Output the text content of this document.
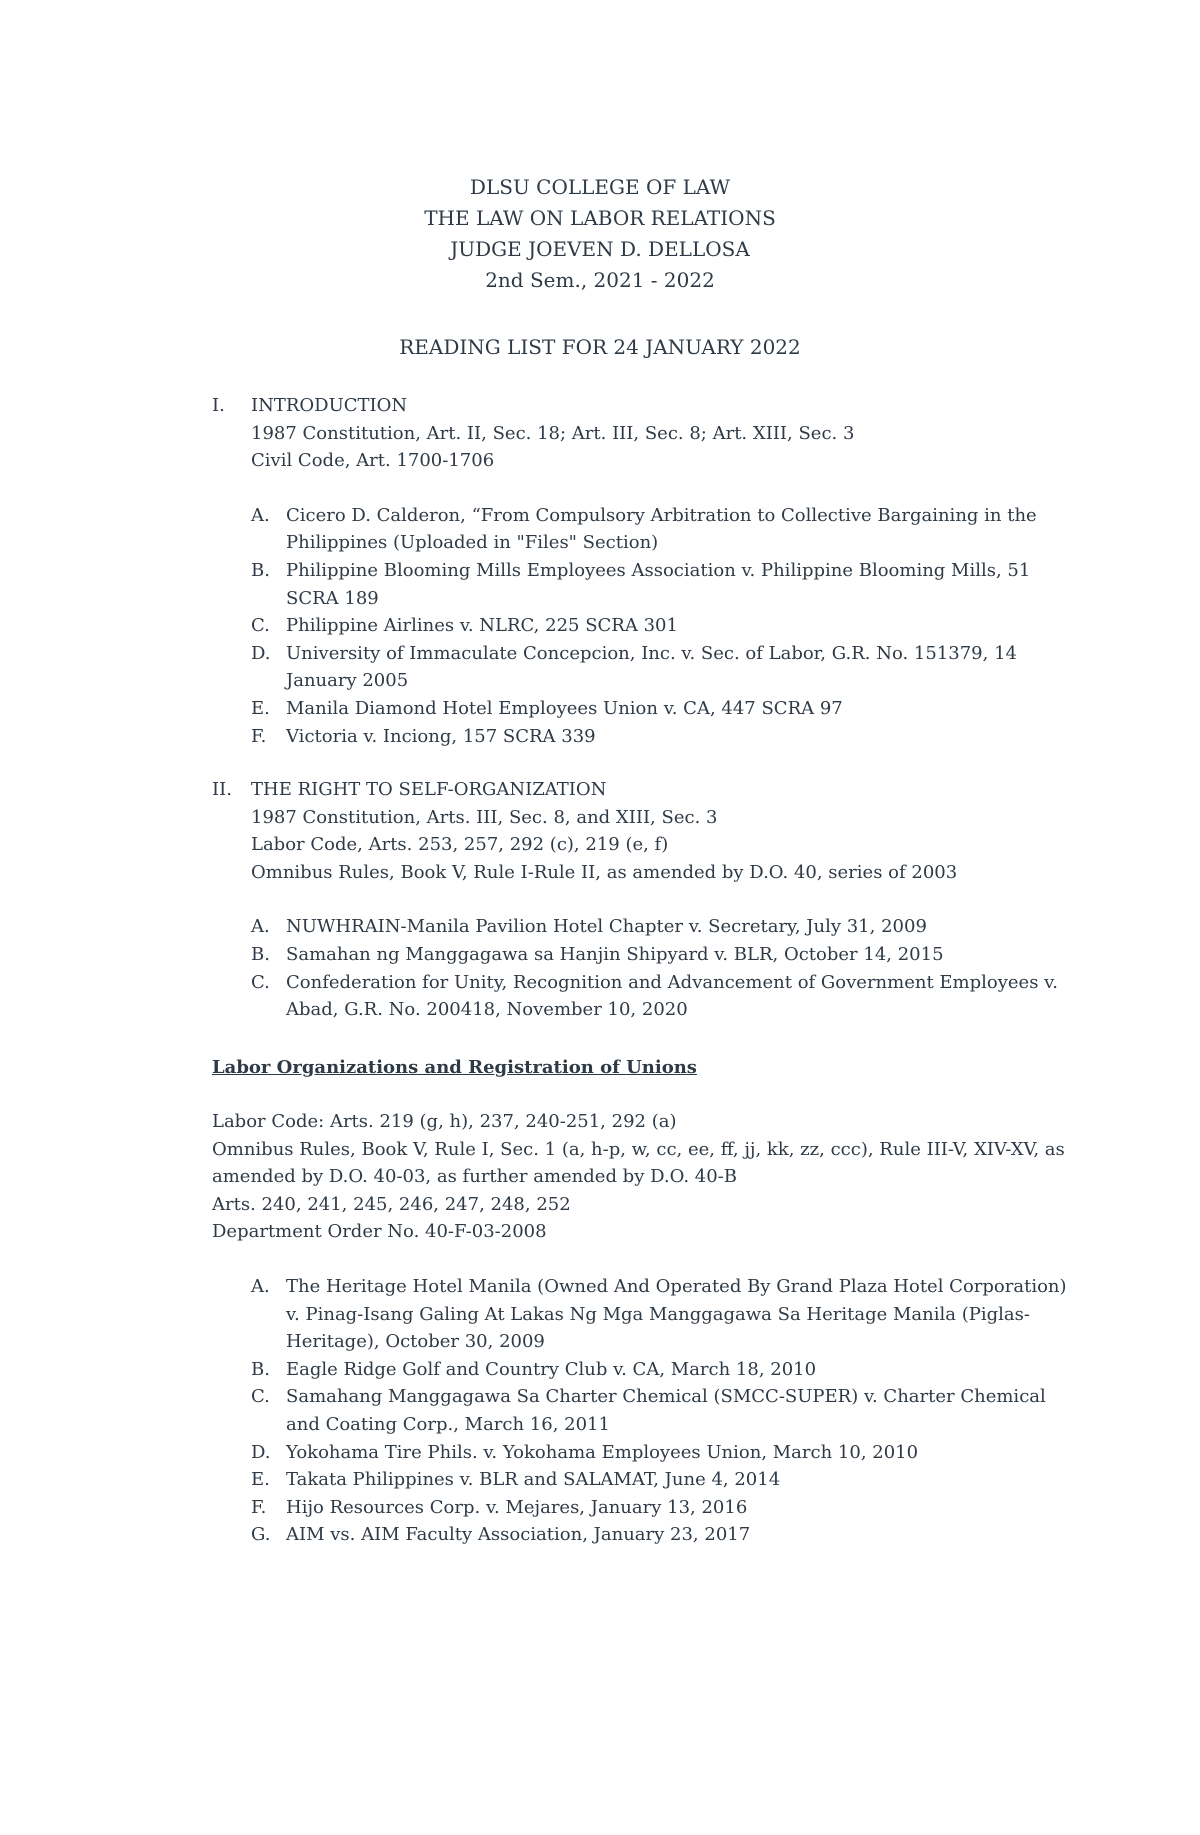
DLSU COLLEGE OF LAW
THE LAW ON LABOR RELATIONS
JUDGE JOEVEN D. DELLOSA
2nd Sem., 2021 - 2022
READING LIST FOR 24 JANUARY 2022
I. INTRODUCTION
1987 Constitution, Art. II, Sec. 18; Art. III, Sec. 8; Art. XIII, Sec. 3
Civil Code, Art. 1700-1706
A. Cicero D. Calderon, “From Compulsory Arbitration to Collective Bargaining in the Philippines (Uploaded in "Files" Section)
B. Philippine Blooming Mills Employees Association v. Philippine Blooming Mills, 51 SCRA 189
C. Philippine Airlines v. NLRC, 225 SCRA 301
D. University of Immaculate Concepcion, Inc. v. Sec. of Labor, G.R. No. 151379, 14 January 2005
E. Manila Diamond Hotel Employees Union v. CA, 447 SCRA 97
F. Victoria v. Inciong, 157 SCRA 339
II. THE RIGHT TO SELF-ORGANIZATION
1987 Constitution, Arts. III, Sec. 8, and XIII, Sec. 3
Labor Code, Arts. 253, 257, 292 (c), 219 (e, f)
Omnibus Rules, Book V, Rule I-Rule II, as amended by D.O. 40, series of 2003
A. NUWHRAIN-Manila Pavilion Hotel Chapter v. Secretary, July 31, 2009
B. Samahan ng Manggagawa sa Hanjin Shipyard v. BLR, October 14, 2015
C. Confederation for Unity, Recognition and Advancement of Government Employees v. Abad, G.R. No. 200418, November 10, 2020
Labor Organizations and Registration of Unions
Labor Code: Arts. 219 (g, h), 237, 240-251, 292 (a)
Omnibus Rules, Book V, Rule I, Sec. 1 (a, h-p, w, cc, ee, ff, jj, kk, zz, ccc), Rule III-V, XIV-XV, as amended by D.O. 40-03, as further amended by D.O. 40-B
Arts. 240, 241, 245, 246, 247, 248, 252
Department Order No. 40-F-03-2008
A. The Heritage Hotel Manila (Owned And Operated By Grand Plaza Hotel Corporation) v. Pinag-Isang Galing At Lakas Ng Mga Manggagawa Sa Heritage Manila (Piglas-Heritage), October 30, 2009
B. Eagle Ridge Golf and Country Club v. CA, March 18, 2010
C. Samahang Manggagawa Sa Charter Chemical (SMCC-SUPER) v. Charter Chemical and Coating Corp., March 16, 2011
D. Yokohama Tire Phils. v. Yokohama Employees Union, March 10, 2010
E. Takata Philippines v. BLR and SALAMAT, June 4, 2014
F. Hijo Resources Corp. v. Mejares, January 13, 2016
G. AIM vs. AIM Faculty Association, January 23, 2017
